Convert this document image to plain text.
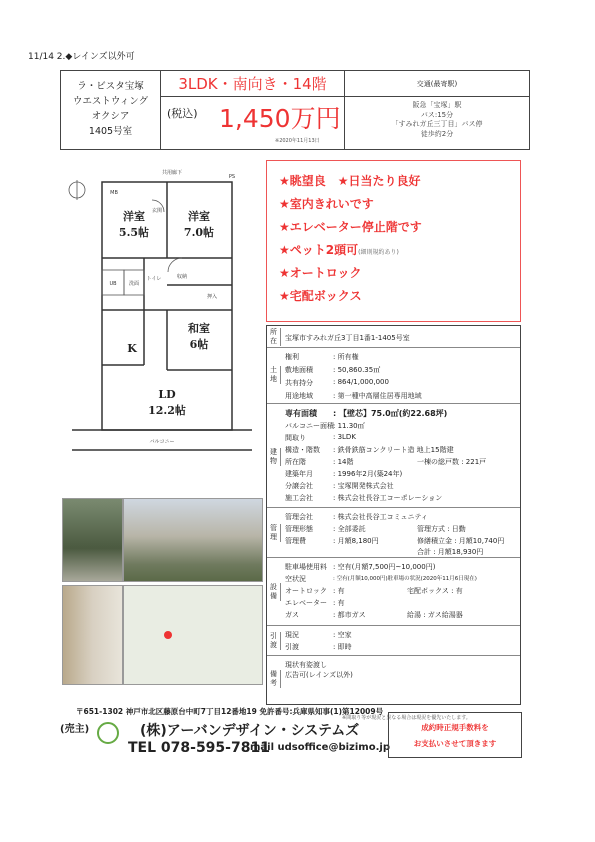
11/14 2.◆レインズ以外可
ラ・ビスタ宝塚
ウエストウィング
オクシア
1405号室
3LDK・南向き・14階
(税込) 1,450万円
※2020年11月13日
交通(最寄駅)
阪急「宝塚」駅
バス:15分
「すみれガ丘三丁目」バス停
徒歩約2分
洋室
5.5帖
洋室
7.0帖
和室
6帖
LD
12.2帖
K
MB
玄関
UB 洗面
トイレ	収納
押入
PS
共用廊下
バルコニー
★眺望良　★日当たり良好
★室内きれいです
★エレベーター停止階です
★ペット2頭可(細則規約あり)
★オートロック
★宅配ボックス
所在	宝塚市すみれガ丘3丁目1番1-1405号室
土地
権利	: 所有権
敷地面積	: 50,860.35㎡
共有持分	: 864/1,000,000
用途地域	: 第一種中高層住居専用地域
建物
専有面積 : 【壁芯】75.0㎡(約22.68坪)
バルコニー面積 : 11.30㎡
間取り	: 3LDK
構造・階数 : 鉄骨鉄筋コンクリート造 地上15階建
所在階	: 14階	一棟の総戸数 : 221戸
建築年月	: 1996年2月(築24年)
分譲会社	: 宝塚開発株式会社
施工会社	: 株式会社長谷工コーポレーション
管理
管理会社	: 株式会社長谷工コミュニティ
管理形態	: 全部委託	管理方式 : 日勤
管理費	: 月額8,180円	修繕積立金 : 月額10,740円
合計 : 月額18,930円
設備
駐車場使用料 : 空有(月額7,500円~10,000円)
空状況	: 空有(月額10,000円)駐車場の状況(2020年11月6日現在)
オートロック : 有	宅配ボックス : 有
エレベーター : 有
ガス	: 都市ガス	給湯 : ガス給湯器
引渡
現況	: 空家
引渡	: 即時
備考
現状有姿渡し
広告可(レインズ以外)
※間取り等が現況と異なる場合は現況を優先いたします。
〒651-1302 神戸市北区藤原台中町7丁目12番地19 免許番号:兵庫県知事(1)第12009号
(売主)	(株)アーバンデザイン・システムズ
TEL 078-595-7811
mail udsoffice@bizimo.jp
成約時正規手数料を
お支払いさせて頂きます
